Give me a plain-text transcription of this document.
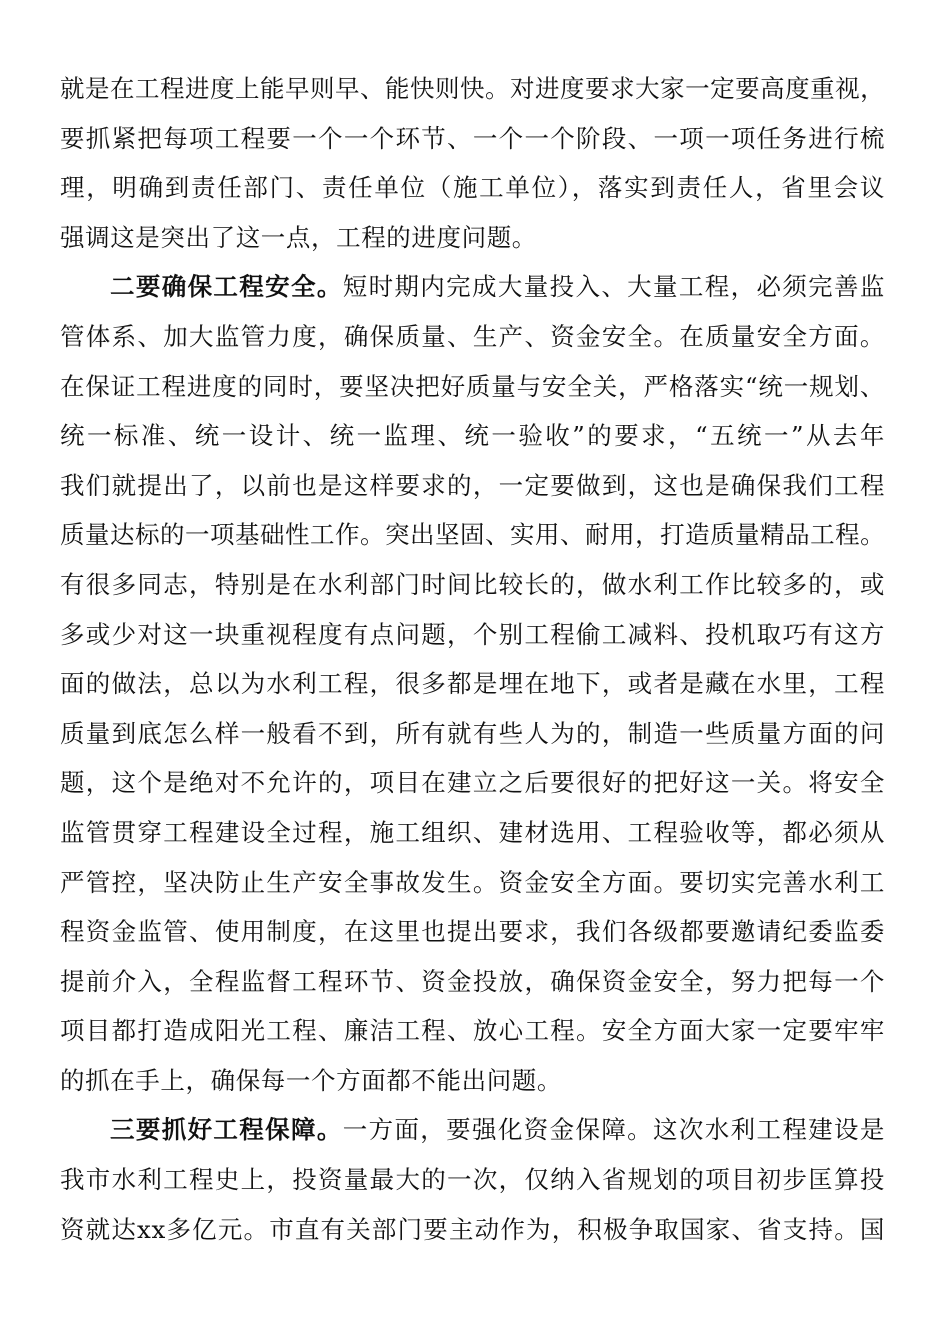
就是在工程进度上能早则早、能快则快。对进度要求大家一定要高度重视，
要抓紧把每项工程要一个一个环节、一个一个阶段、一项一项任务进行梳
理，明确到责任部门、责任单位（施工单位），落实到责任人，省里会议
强调这是突出了这一点，工程的进度问题。
二要确保工程安全。短时期内完成大量投入、大量工程，必须完善监
管体系、加大监管力度，确保质量、生产、资金安全。在质量安全方面。
在保证工程进度的同时，要坚决把好质量与安全关，严格落实“统一规划、
统一标准、统一设计、统一监理、统一验收”的要求，“五统一”从去年
我们就提出了，以前也是这样要求的，一定要做到，这也是确保我们工程
质量达标的一项基础性工作。突出坚固、实用、耐用，打造质量精品工程。
有很多同志，特别是在水利部门时间比较长的，做水利工作比较多的，或
多或少对这一块重视程度有点问题，个别工程偷工减料、投机取巧有这方
面的做法，总以为水利工程，很多都是埋在地下，或者是藏在水里，工程
质量到底怎么样一般看不到，所有就有些人为的，制造一些质量方面的问
题，这个是绝对不允许的，项目在建立之后要很好的把好这一关。将安全
监管贯穿工程建设全过程，施工组织、建材选用、工程验收等，都必须从
严管控，坚决防止生产安全事故发生。资金安全方面。要切实完善水利工
程资金监管、使用制度，在这里也提出要求，我们各级都要邀请纪委监委
提前介入，全程监督工程环节、资金投放，确保资金安全，努力把每一个
项目都打造成阳光工程、廉洁工程、放心工程。安全方面大家一定要牢牢
的抓在手上，确保每一个方面都不能出问题。
三要抓好工程保障。一方面，要强化资金保障。这次水利工程建设是
我市水利工程史上，投资量最大的一次，仅纳入省规划的项目初步匡算投
资就达xx多亿元。市直有关部门要主动作为，积极争取国家、省支持。国
